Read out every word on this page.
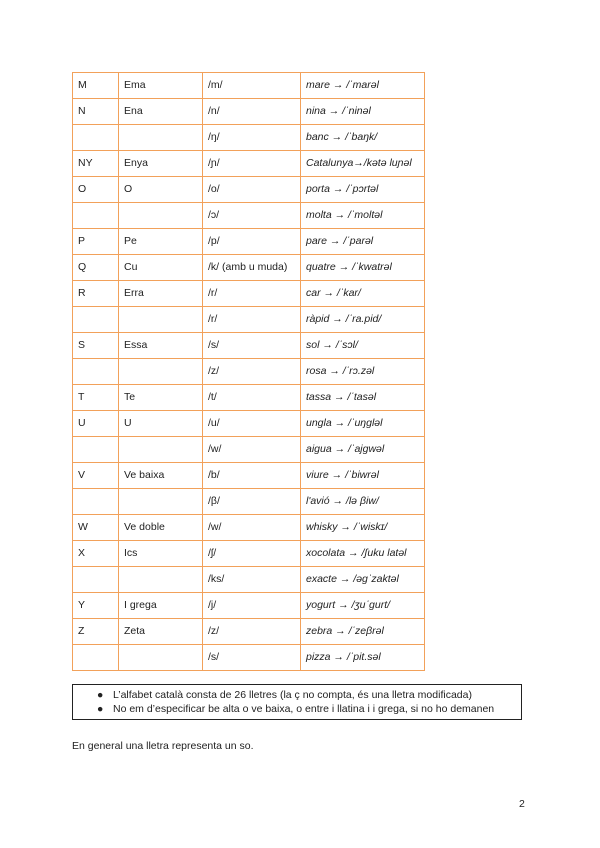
M	Ema	/m/	mare → /ˈmarəl
N	Ena	/n/	nina → /ˈninəl
		/ŋ/	banc → /ˈbaŋk/
NY	Enya	/ɲ/	Catalunya→/kətə luɲəl
O	O	/o/	porta → /ˈpɔrtəl
		/ɔ/	molta → /ˈmoltəl
P	Pe	/p/	pare → /ˈparəl
Q	Cu	/k/ (amb u muda)	quatre → /ˈkwatrəl
R	Erra	/r/	car → /ˈkar/
		/r/	ràpid → /ˈra.pid/
S	Essa	/s/	sol → /ˈsɔl/
		/z/	rosa → /ˈrɔ.zəl
T	Te	/t/	tassa → /ˈtasəl
U	U	/u/	ungla → /ˈuŋgləl
		/w/	aigua → /ˈajgwəl
V	Ve baixa	/b/	viure → /ˈbiwrəl
		/β/	l'avió → /lə βiw/
W	Ve doble	/w/	whisky → /ˈwiskɪ/
X	Ics	/ʃ/	xocolata → /ʃuku latəl
		/ks/	exacte → /əgˈzaktəl
Y	I grega	/j/	yogurt → /ʒuˈgurt/
Z	Zeta	/z/	zebra → /ˈzeβrəl
		/s/	pizza → /ˈpit.səl
● L’alfabet català consta de 26 lletres (la ç no compta, és una lletra modificada)
● No em d’especificar be alta o ve baixa, o entre i llatina i i grega, si no ho demanen
En general una lletra representa un so.
2
